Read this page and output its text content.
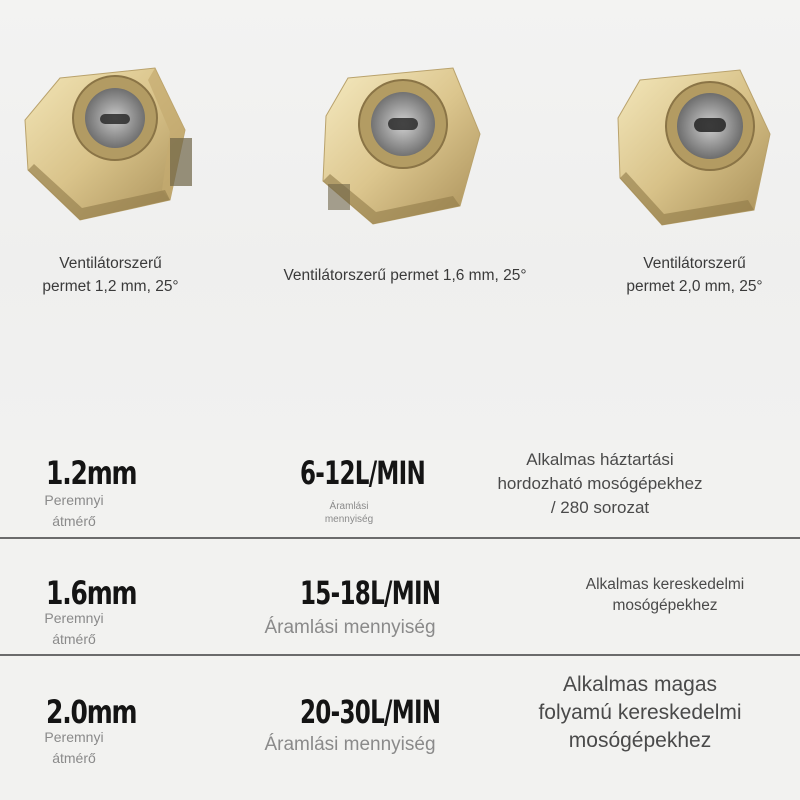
Ventilátorszerű
permet 1,2 mm, 25°
Ventilátorszerű permet 1,6 mm, 25°
Ventilátorszerű
permet 2,0 mm, 25°
1.2mm
Peremnyi
átmérő
6-12L/MIN
Áramlási
mennyiség
Alkalmas háztartási
hordozható mosógépekhez
/ 280 sorozat
1.6mm
Peremnyi
átmérő
15-18L/MIN
Áramlási mennyiség
Alkalmas kereskedelmi
mosógépekhez
2.0mm
Peremnyi
átmérő
20-30L/MIN
Áramlási mennyiség
Alkalmas magas
folyamú kereskedelmi
mosógépekhez
